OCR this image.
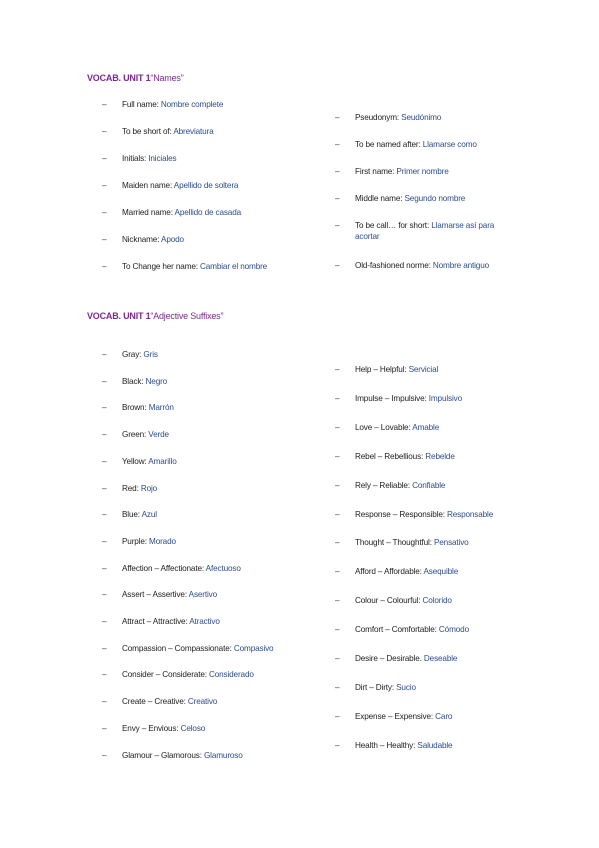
VOCAB. UNIT 1“Names”
– Full name: Nombre complete
– To be short of: Abreviatura
– Initials: Iniciales
– Maiden name: Apellido de soltera
– Married name: Apellido de casada
– Nickname: Apodo
– To Change her name: Cambiar el nombre
– Pseudonym: Seudónimo
– To be named after: Llamarse como
– First name: Primer nombre
– Middle name: Segundo nombre
– To be call… for short: Llamarse así para acortar
– Old-fashioned norme: Nombre antiguo
VOCAB. UNIT 1“Adjective Suffixes”
– Gray: Gris
– Black: Negro
– Brown: Marrón
– Green: Verde
– Yellow: Amarillo
– Red: Rojo
– Blue: Azul
– Purple: Morado
– Affection – Affectionate: Afectuoso
– Assert – Assertive: Asertivo
– Attract – Attractive: Atractivo
– Compassion – Compassionate: Compasivo
– Consider – Considerate: Considerado
– Create – Creative: Creativo
– Envy – Envious: Celoso
– Glamour – Glamorous: Glamuroso
– Help – Helpful: Servicial
– Impulse – Impulsive: Impulsivo
– Love – Lovable: Amable
– Rebel – Rebellious: Rebelde
– Rely – Reliable: Confiable
– Response – Responsible: Responsable
– Thought – Thoughtful: Pensativo
– Afford – Affordable: Asequible
– Colour – Colourful: Colorido
– Comfort – Comfortable: Cómodo
– Desire – Desirable. Deseable
– Dirt – Dirty: Sucio
– Expense – Expensive: Caro
– Health – Healthy: Saludable
